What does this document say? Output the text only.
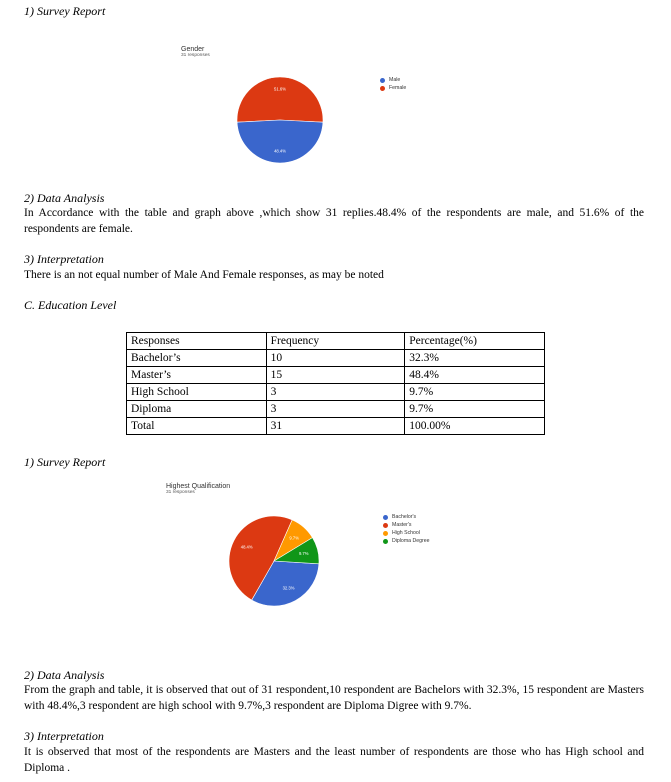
1) Survey Report
Gender
31 responses
51.6%
48.4%
Male
Female
2) Data Analysis
In Accordance with the table and graph above ,which show 31 replies.48.4% of the respondents are male, and 51.6% of the respondents are female.
3) Interpretation
There is an not equal number of Male And Female responses, as may be noted
C. Education Level
Responses	Frequency	Percentage(%)
Bachelor’s	10	32.3%
Master’s	15	48.4%
High School	3	9.7%
Diploma	3	9.7%
Total	31	100.00%
1) Survey Report
Highest Qualification
31 responses
32.3%
48.4%
9.7%
9.7%
Bachelor's
Master's
High School
Diploma Degree
2) Data Analysis
From the graph and table, it is observed that out of 31 respondent,10 respondent are Bachelors with 32.3%, 15 respondent are Masters with 48.4%,3 respondent are high school with 9.7%,3 respondent are Diploma Digree with 9.7%.
3) Interpretation
It is observed that most of the respondents are Masters and the least number of respondents are those who has High school and Diploma .
